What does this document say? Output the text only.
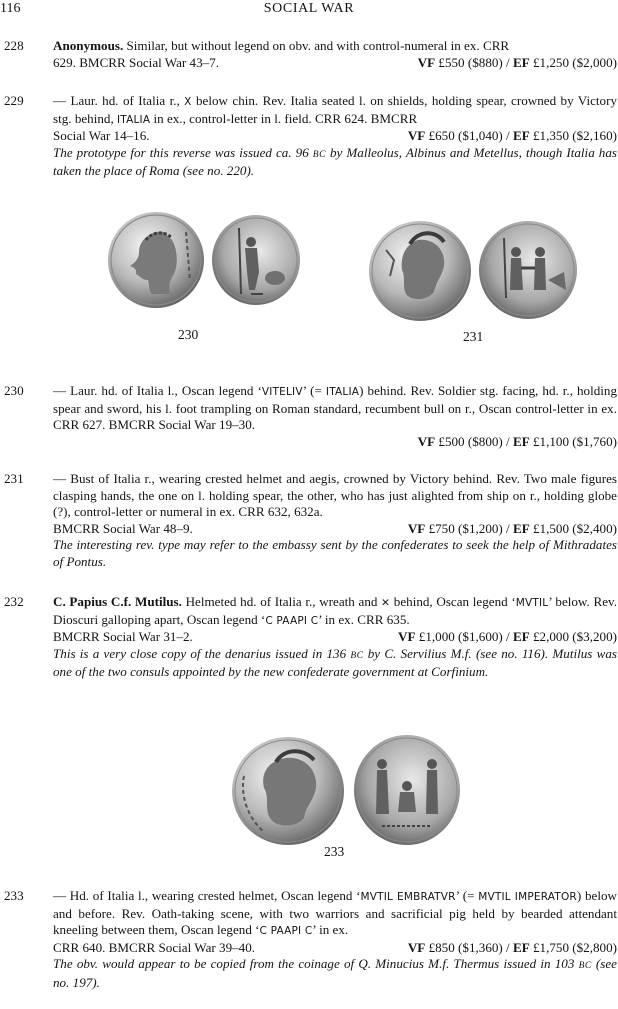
116	SOCIAL WAR
228 Anonymous. Similar, but without legend on obv. and with control-numeral in ex. CRR

629. BMCRR Social War 43–7.	VF £550 ($880) / EF £1,250 ($2,000)
229 — Laur. hd. of Italia r., X below chin. Rev. Italia seated l. on shields, holding spear, crowned by Victory stg. behind, ITALIA in ex., control-letter in l. field. CRR 624. BMCRR

Social War 14–16.	VF £650 ($1,040) / EF £1,350 ($2,160)

The prototype for this reverse was issued ca. 96 BC by Malleolus, Albinus and Metellus, though Italia has taken the place of Roma (see no. 220).

230	231
230 — Laur. hd. of Italia l., Oscan legend ‘VITELIV’ (= ITALIA) behind. Rev. Soldier stg. facing, hd. r., holding spear and sword, his l. foot trampling on Roman standard, recumbent bull on r., Oscan control-letter in ex. CRR 627. BMCRR Social War 19–30.

VF £500 ($800) / EF £1,100 ($1,760)

231 — Bust of Italia r., wearing crested helmet and aegis, crowned by Victory behind. Rev. Two male figures clasping hands, the one on l. holding spear, the other, who has just alighted from ship on r., holding globe (?), control-letter or numeral in ex. CRR 632, 632a.

BMCRR Social War 48–9.	VF £750 ($1,200) / EF £1,500 ($2,400)

The interesting rev. type may refer to the embassy sent by the confederates to seek the help of Mithradates of Pontus.

232 C. Papius C.f. Mutilus. Helmeted hd. of Italia r., wreath and ✕ behind, Oscan legend ‘MVTIL’ below. Rev. Dioscuri galloping apart, Oscan legend ‘C PAAPI C’ in ex. CRR 635.

BMCRR Social War 31–2.	VF £1,000 ($1,600) / EF £2,000 ($3,200)

This is a very close copy of the denarius issued in 136 BC by C. Servilius M.f. (see no. 116). Mutilus was one of the two consuls appointed by the new confederate government at Corfinium.

233
233 — Hd. of Italia l., wearing crested helmet, Oscan legend ‘MVTIL EMBRATVR’ (= MVTIL IMPERATOR) below and before. Rev. Oath-taking scene, with two warriors and sacrificial pig held by bearded attendant kneeling between them, Oscan legend ‘C PAAPI C’ in ex.

CRR 640. BMCRR Social War 39–40.	VF £850 ($1,360) / EF £1,750 ($2,800)

The obv. would appear to be copied from the coinage of Q. Minucius M.f. Thermus issued in 103 BC (see no. 197).
